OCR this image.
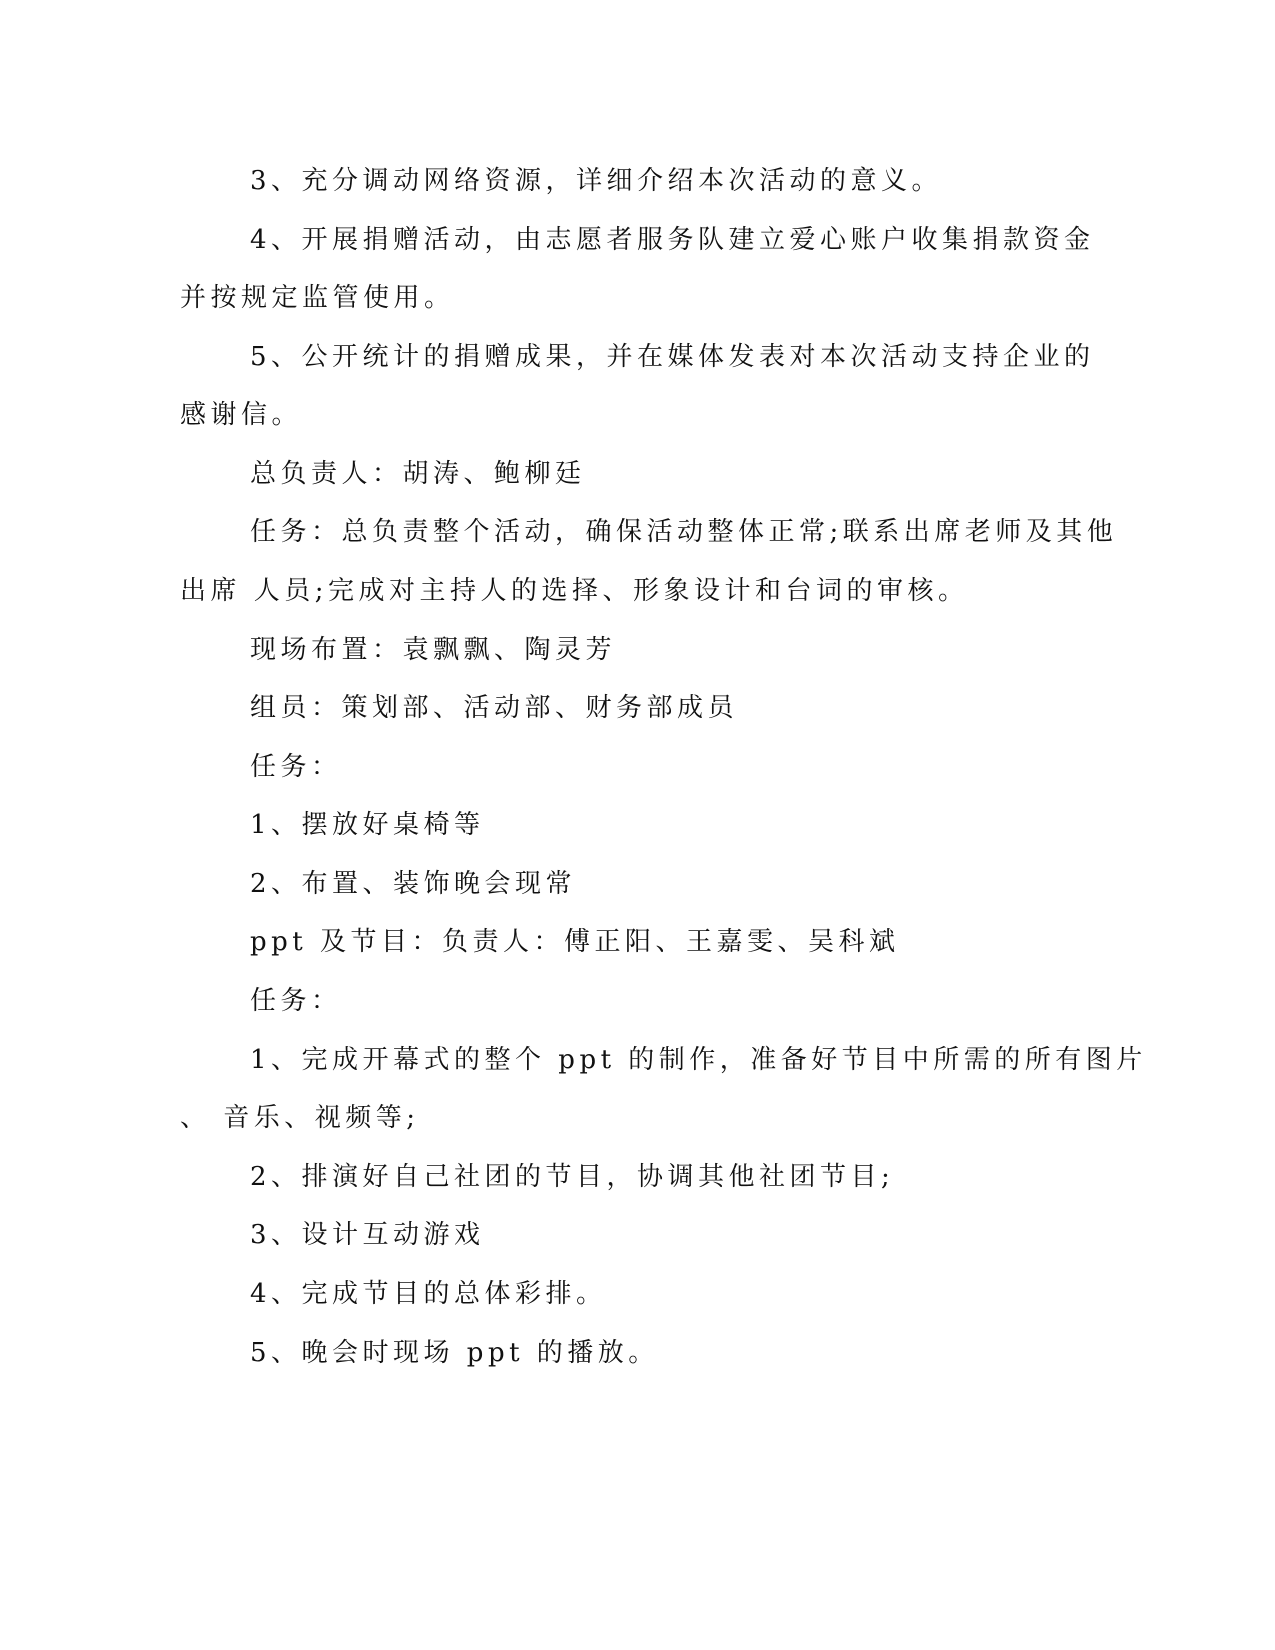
3、充分调动网络资源，详细介绍本次活动的意义。
4、开展捐赠活动，由志愿者服务队建立爱心账户收集捐款资金
并按规定监管使用。
5、公开统计的捐赠成果，并在媒体发表对本次活动支持企业的
感谢信。
总负责人：胡涛、鲍柳廷
任务：总负责整个活动，确保活动整体正常;联系出席老师及其他
出席 人员;完成对主持人的选择、形象设计和台词的审核。
现场布置：袁飘飘、陶灵芳
组员：策划部、活动部、财务部成员
任务：
1、摆放好桌椅等
2、布置、装饰晚会现常
ppt 及节目：负责人：傅正阳、王嘉雯、吴科斌
任务：
1、完成开幕式的整个 ppt 的制作，准备好节目中所需的所有图片
、 音乐、视频等;
2、排演好自己社团的节目，协调其他社团节目;
3、设计互动游戏
4、完成节目的总体彩排。
5、晚会时现场 ppt 的播放。
